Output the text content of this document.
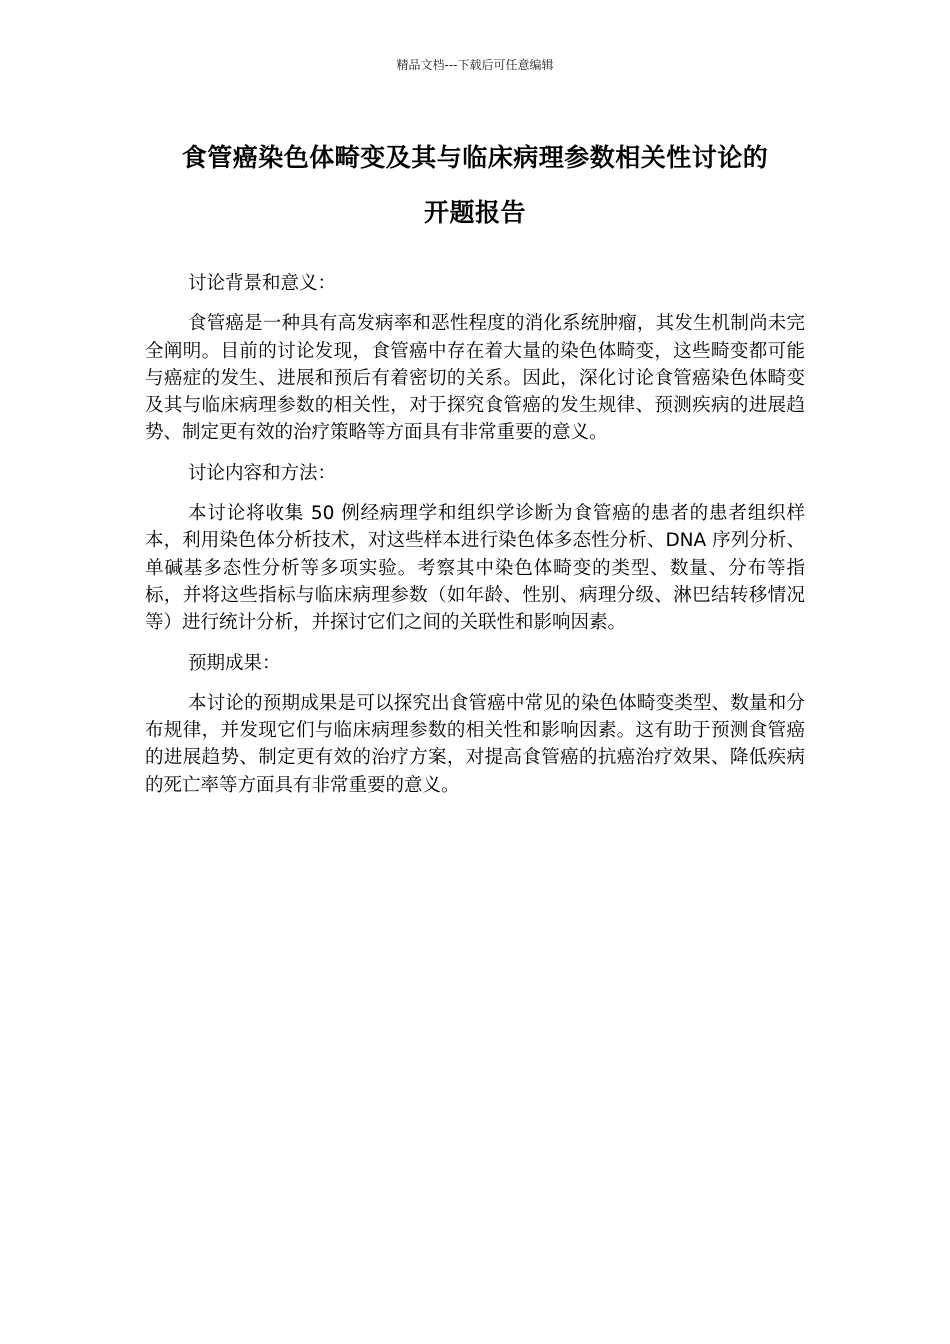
精品文档---下载后可任意编辑
食管癌染色体畸变及其与临床病理参数相关性讨论的
开题报告

讨论背景和意义：

食管癌是一种具有高发病率和恶性程度的消化系统肿瘤，其发生机制尚未完全阐明。目前的讨论发现，食管癌中存在着大量的染色体畸变，这些畸变都可能与癌症的发生、进展和预后有着密切的关系。因此，深化讨论食管癌染色体畸变及其与临床病理参数的相关性，对于探究食管癌的发生规律、预测疾病的进展趋势、制定更有效的治疗策略等方面具有非常重要的意义。

讨论内容和方法：

本讨论将收集 50 例经病理学和组织学诊断为食管癌的患者的患者组织样本，利用染色体分析技术，对这些样本进行染色体多态性分析、DNA 序列分析、单碱基多态性分析等多项实验。考察其中染色体畸变的类型、数量、分布等指标，并将这些指标与临床病理参数（如年龄、性别、病理分级、淋巴结转移情况等）进行统计分析，并探讨它们之间的关联性和影响因素。

预期成果：

本讨论的预期成果是可以探究出食管癌中常见的染色体畸变类型、数量和分布规律，并发现它们与临床病理参数的相关性和影响因素。这有助于预测食管癌的进展趋势、制定更有效的治疗方案，对提高食管癌的抗癌治疗效果、降低疾病的死亡率等方面具有非常重要的意义。
